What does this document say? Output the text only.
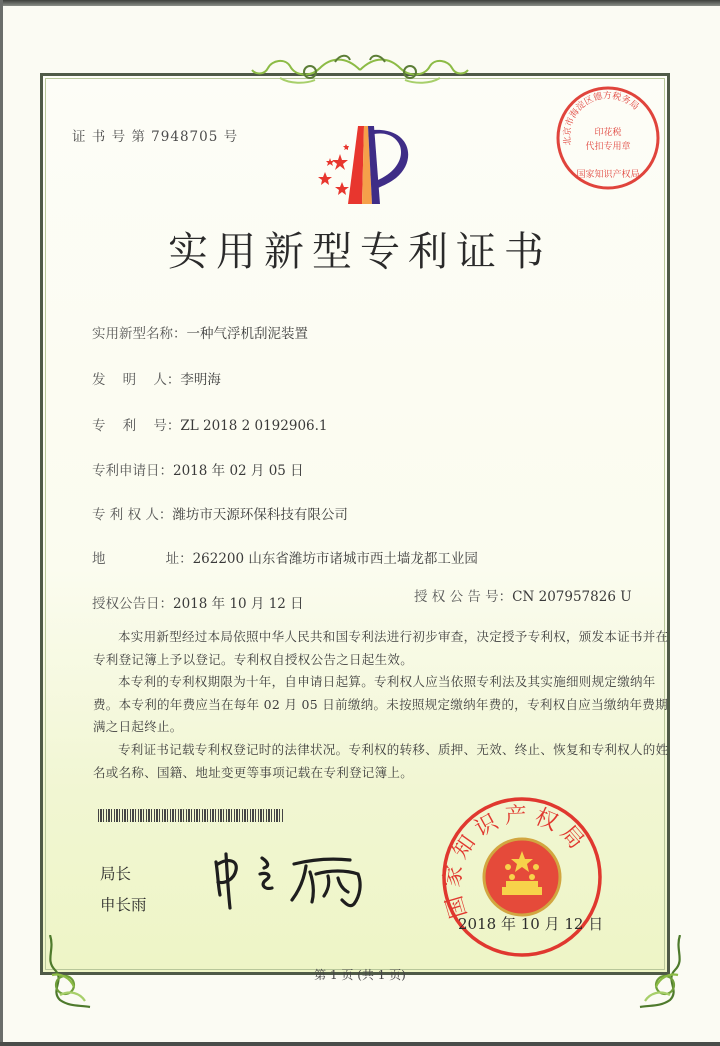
证 书 号 第 7948705 号	北京市海淀区德方税务局
印花税
代扣专用章
国家知识产权局
实用新型专利证书
实用新型名称：一种气浮机刮泥装置
发    明    人：李明海
专    利    号：ZL 2018 2 0192906.1
专利申请日：2018 年 02 月 05 日
专 利 权 人：潍坊市天源环保科技有限公司
地              址：262200 山东省潍坊市诸城市西土墙龙都工业园
授权公告日：2018 年 10 月 12 日	授 权 公 告 号：CN 207957826 U

本实用新型经过本局依照中华人民共和国专利法进行初步审查，决定授予专利权，颁发本证书并在专利登记簿上予以登记。专利权自授权公告之日起生效。

本专利的专利权期限为十年，自申请日起算。专利权人应当依照专利法及其实施细则规定缴纳年费。本专利的年费应当在每年 02 月 05 日前缴纳。未按照规定缴纳年费的，专利权自应当缴纳年费期满之日起终止。

专利证书记载专利权登记时的法律状况。专利权的转移、质押、无效、终止、恢复和专利权人的姓名或名称、国籍、地址变更等事项记载在专利登记簿上。

局长
申长雨	国家知识产权局
2018 年 10 月 12 日
第 1 页 (共 1 页)
